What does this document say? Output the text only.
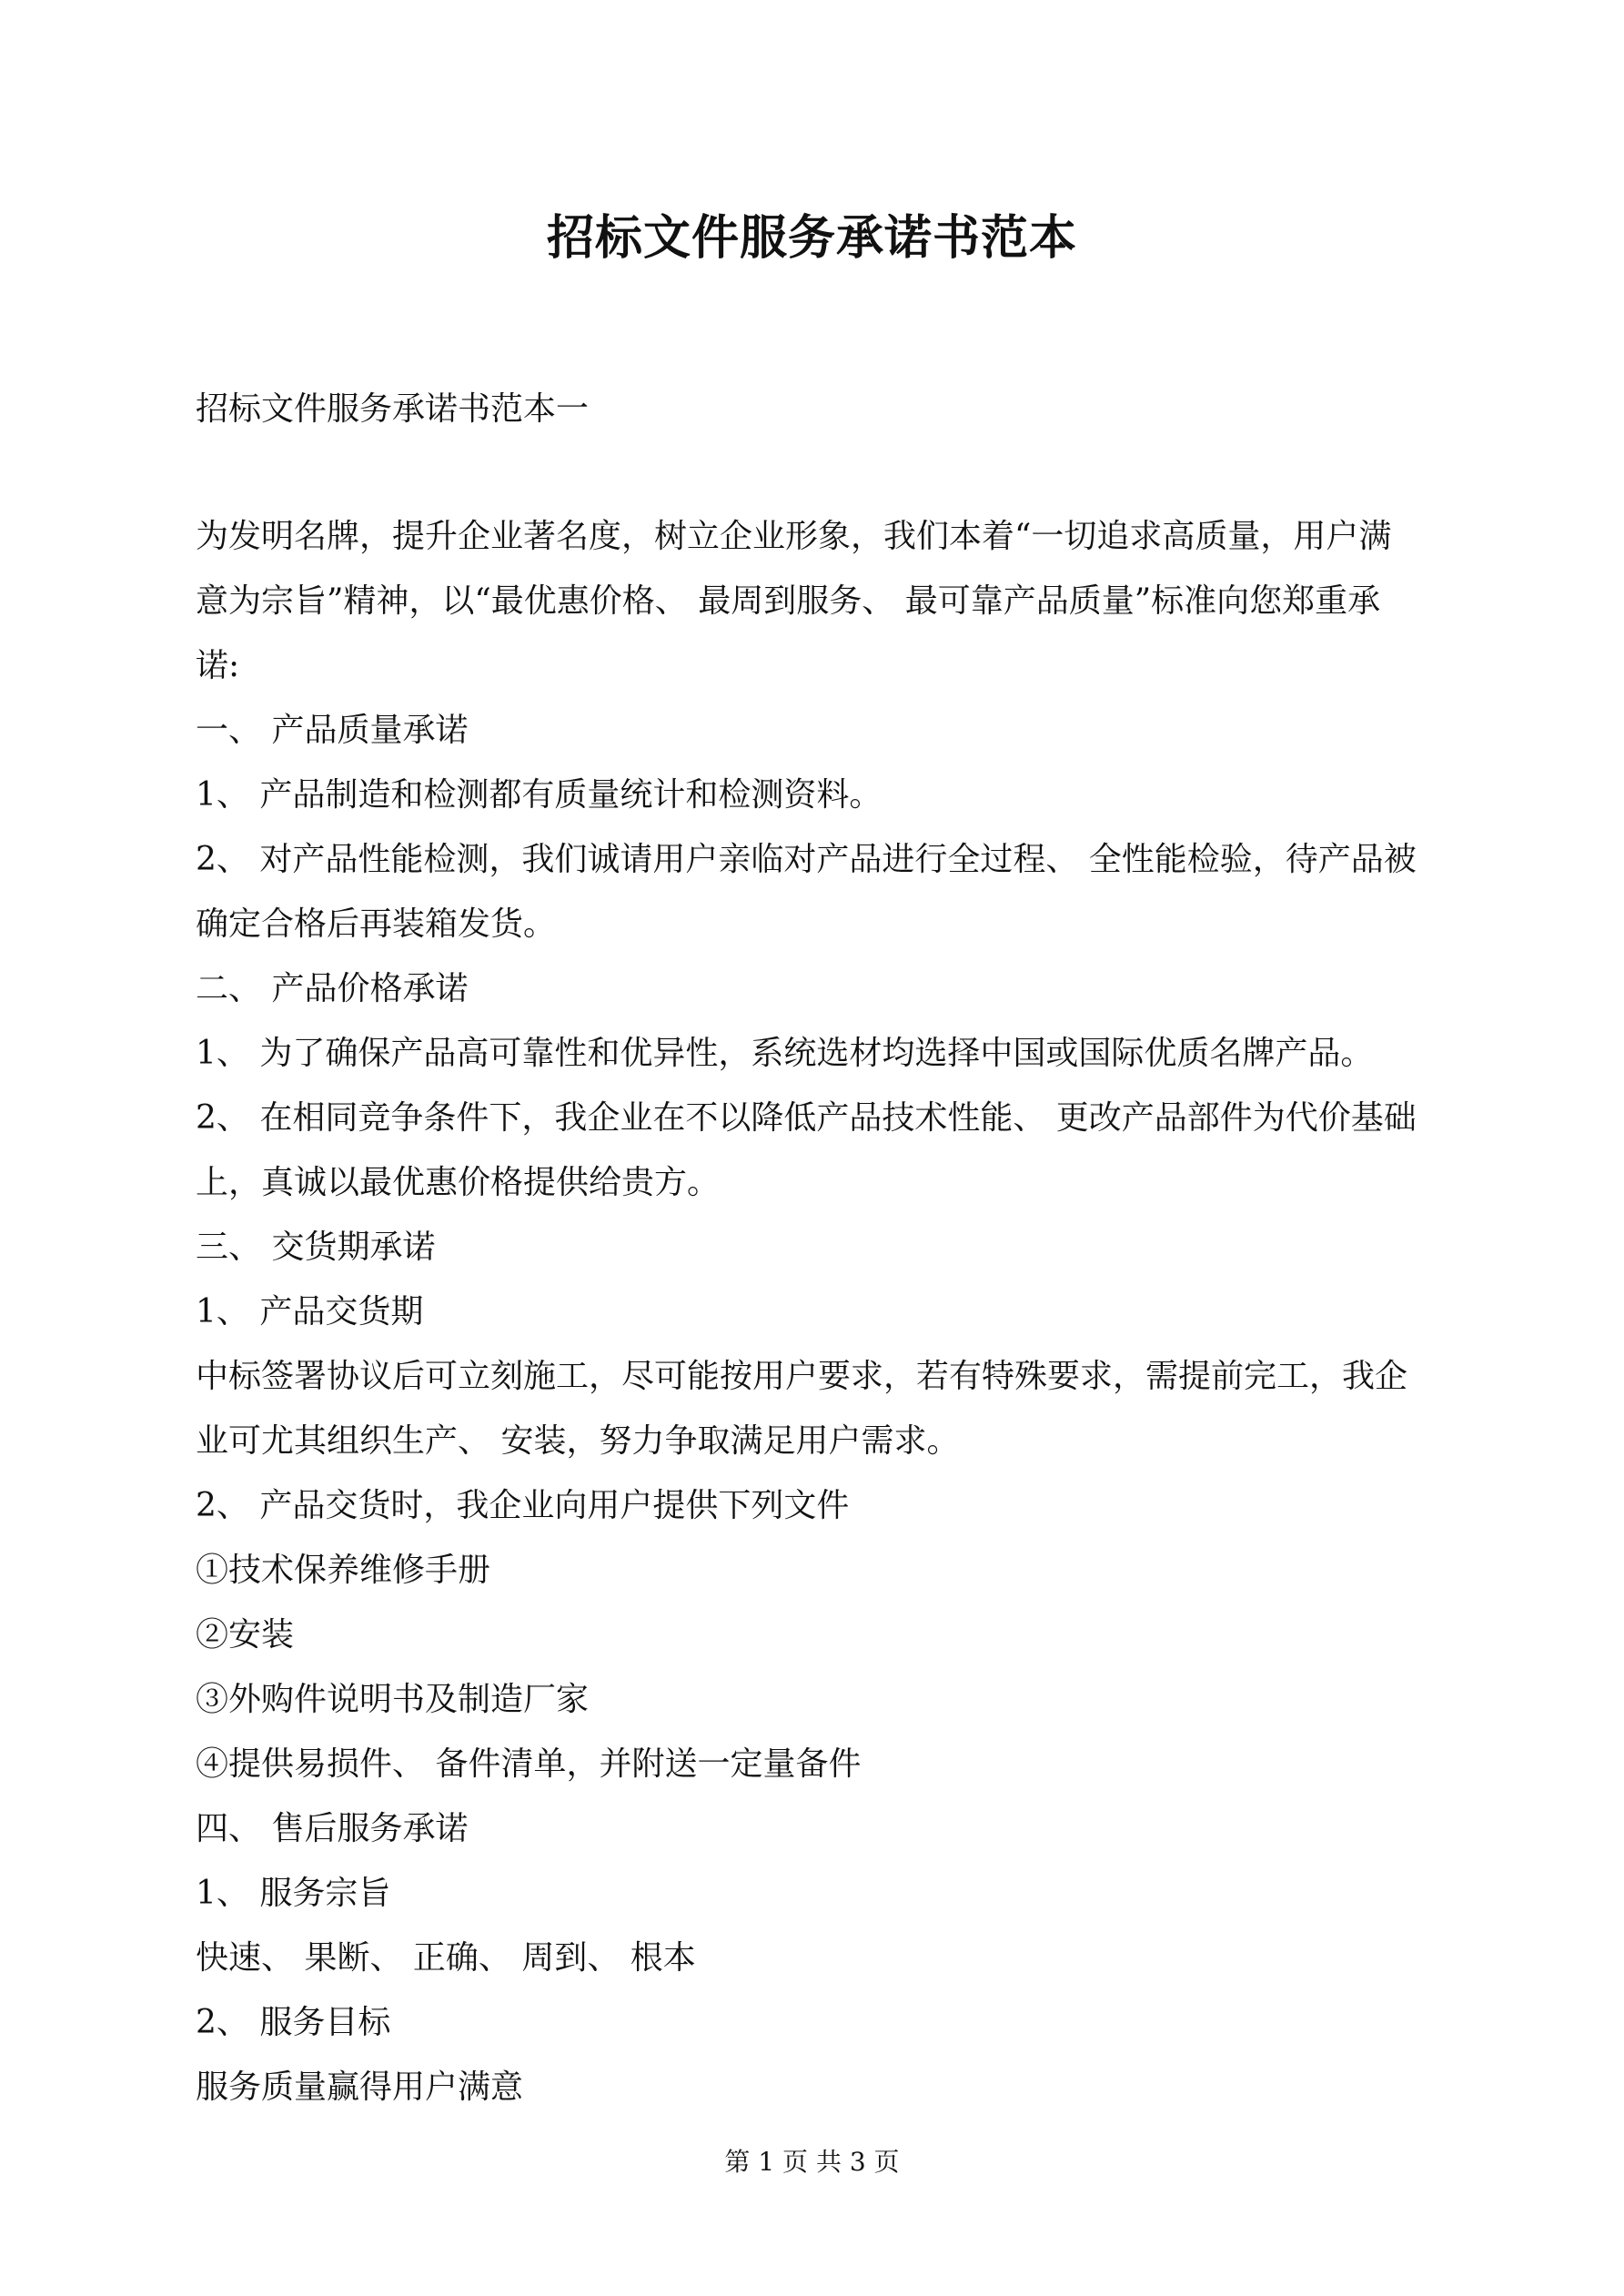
招标文件服务承诺书范本

招标文件服务承诺书范本一

为发明名牌，提升企业著名度，树立企业形象，我们本着“一切追求高质量，用户满
意为宗旨”精神，以“最优惠价格、 最周到服务、 最可靠产品质量”标准向您郑重承
诺:
一、 产品质量承诺
1、 产品制造和检测都有质量统计和检测资料。
2、 对产品性能检测，我们诚请用户亲临对产品进行全过程、 全性能检验，待产品被
确定合格后再装箱发货。
二、 产品价格承诺
1、 为了确保产品高可靠性和优异性，系统选材均选择中国或国际优质名牌产品。
2、 在相同竞争条件下，我企业在不以降低产品技术性能、 更改产品部件为代价基础
上，真诚以最优惠价格提供给贵方。
三、 交货期承诺
1、 产品交货期
中标签署协议后可立刻施工，尽可能按用户要求，若有特殊要求，需提前完工，我企
业可尤其组织生产、 安装，努力争取满足用户需求。
2、 产品交货时，我企业向用户提供下列文件
①技术保养维修手册
②安装
③外购件说明书及制造厂家
④提供易损件、 备件清单，并附送一定量备件
四、 售后服务承诺
1、 服务宗旨
快速、 果断、 正确、 周到、 根本
2、 服务目标
服务质量赢得用户满意
第 1 页 共 3 页
